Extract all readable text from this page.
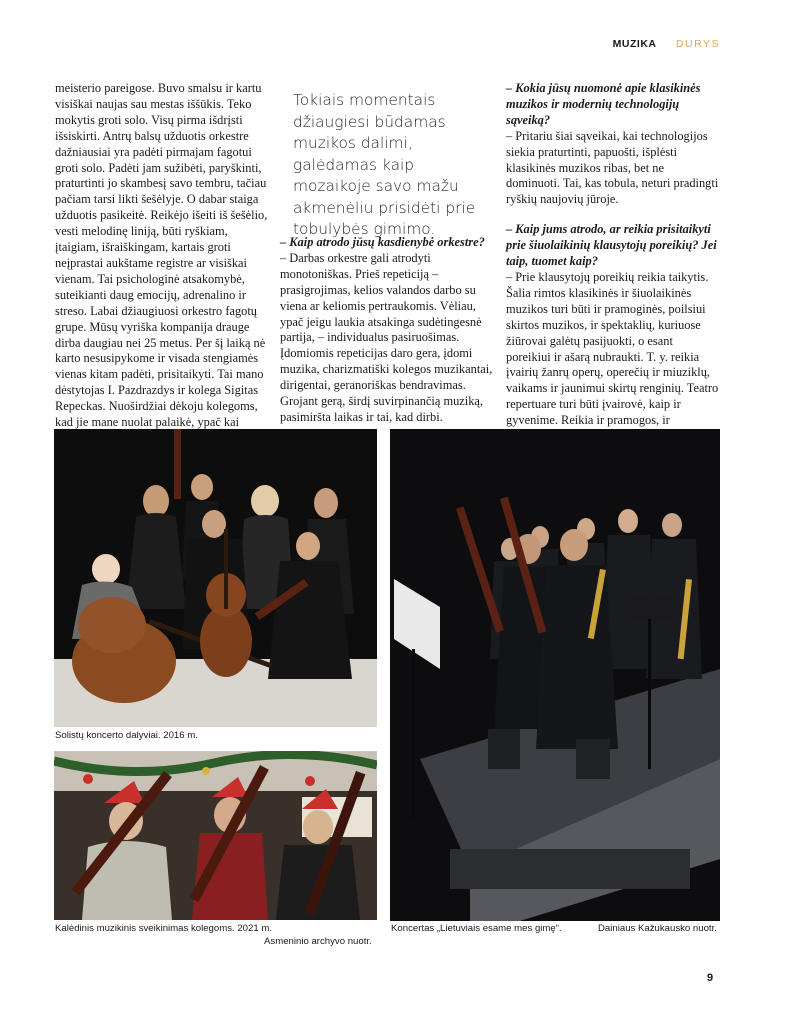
MUZIKA DURYS

meisterio pareigose. Buvo smalsu ir kartu visiškai naujas sau mestas iššūkis. Teko mokytis groti solo. Visų pirma išdrįsti išsiskirti. Antrų balsų užduotis orkestre dažniausiai yra padėti pirmajam fagotui groti solo. Padėti jam sužibėti, paryškinti, praturtinti jo skambesį savo tembru, tačiau pačiam tarsi likti šešėlyje. O dabar staiga užduotis pasikeitė. Reikėjo išeiti iš šešėlio, vesti melodinę liniją, būti ryškiam, įtaigiam, išraiškingam, kartais groti neįprastai aukštame registre ar visiškai vienam. Tai psichologinė atsakomybė, suteikianti daug emocijų, adrenalino ir streso. Labai džiaugiuosi orkestro fagotų grupe. Mūsų vyriška kompanija drauge dirba daugiau nei 25 metus. Per šį laiką nė karto nesusipykome ir visada stengiamės vienas kitam padėti, prisitaikyti. Tai mano dėstytojas I. Pazdrazdys ir kolega Sigitas Repeckas. Nuoširdžiai dėkoju kolegoms, kad jie mane nuolat palaikė, ypač kai

Tokiais momentais džiaugiesi būdamas muzikos dalimi, galėdamas kaip mozaikoje savo mažu akmenėliu prisidėti prie tobulybės gimimo.

– Kaip atrodo jūsų kasdienybė orkestre?

– Darbas orkestre gali atrodyti monotoniškas. Prieš repeticiją – prasigrojimas, kelios valandos darbo su viena ar keliomis pertraukomis. Vėliau, ypač jeigu laukia atsakinga sudėtingesnė partija, – individualus pasiruošimas. Įdomiomis repeticijas daro gera, įdomi muzika, charizmatiški kolegos muzikantai, dirigentai, geranoriškas bendravimas. Grojant gerą, širdį suvirpinančią muziką, pasimiršta laikas ir tai, kad dirbi.

– Kokia jūsų nuomonė apie klasikinės muzikos ir modernių technologijų sąveiką?

– Pritariu šiai sąveikai, kai technologijos siekia praturtinti, papuošti, išplėsti klasikinės muzikos ribas, bet ne dominuoti. Tai, kas tobula, neturi pradingti ryškių naujovių jūroje.

– Kaip jums atrodo, ar reikia prisitaikyti prie šiuolaikinių klausytojų poreikių? Jei taip, tuomet kaip?

– Prie klausytojų poreikių reikia taikytis. Šalia rimtos klasikinės ir šiuolaikinės muzikos turi būti ir pramoginės, poilsiui skirtos muzikos, ir spektaklių, kuriuose žiūrovai galėtų pasijuokti, o esant poreikiui ir ašarą nubraukti. T. y. reikia įvairių žanrų operų, operečių ir miuziklų, vaikams ir jaunimui skirtų renginių. Teatro repertuare turi būti įvairovė, kaip ir gyvenime. Reikia ir pramogos, ir

Solistų koncerto dalyviai. 2016 m.
Kalėdinis muzikinis sveikinimas kolegoms. 2021 m.
Asmeninio archyvo nuotr.
Koncertas „Lietuviais esame mes gimę“.	Dainiaus Kažukausko nuotr.
9
